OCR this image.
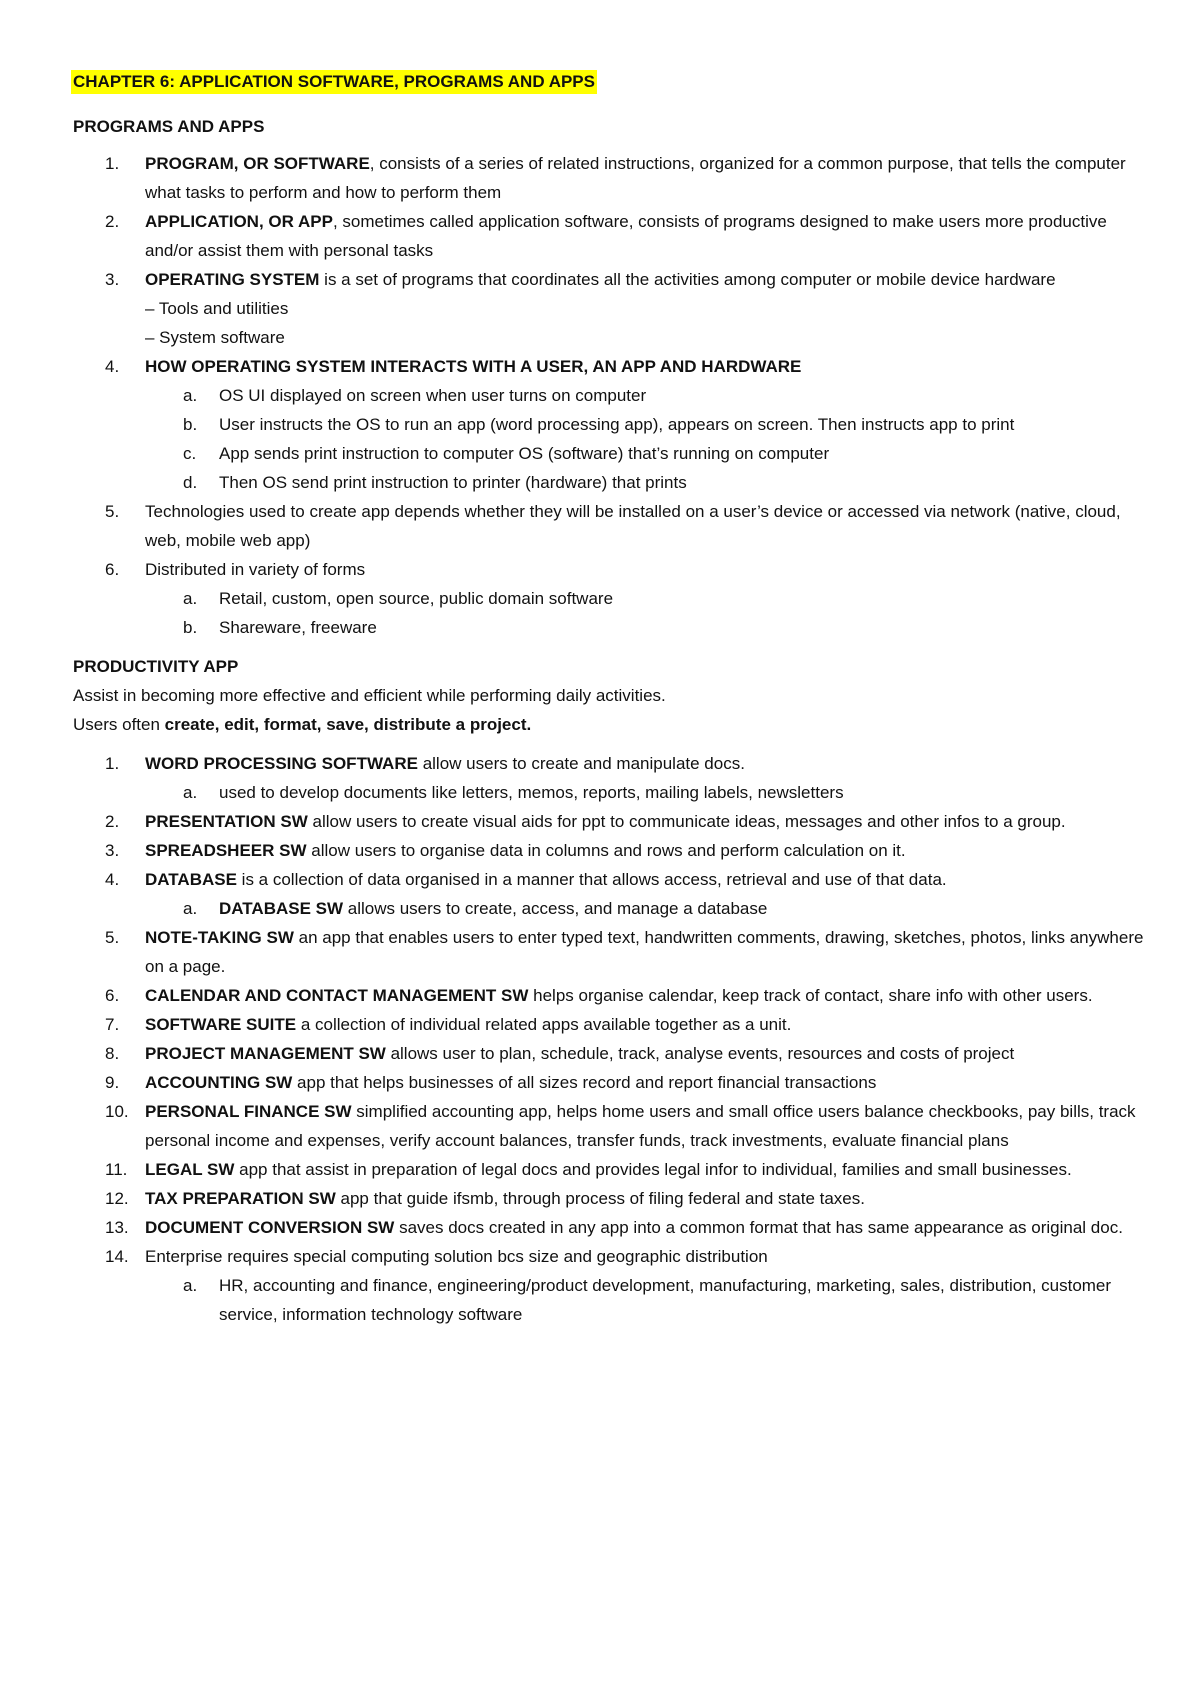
CHAPTER 6: APPLICATION SOFTWARE, PROGRAMS AND APPS
PROGRAMS AND APPS
1. PROGRAM, OR SOFTWARE, consists of a series of related instructions, organized for a common purpose, that tells the computer what tasks to perform and how to perform them
2. APPLICATION, OR APP, sometimes called application software, consists of programs designed to make users more productive and/or assist them with personal tasks
3. OPERATING SYSTEM is a set of programs that coordinates all the activities among computer or mobile device hardware
– Tools and utilities
– System software
4. HOW OPERATING SYSTEM INTERACTS WITH A USER, AN APP AND HARDWARE
a. OS UI displayed on screen when user turns on computer
b. User instructs the OS to run an app (word processing app), appears on screen. Then instructs app to print
c. App sends print instruction to computer OS (software) that’s running on computer
d. Then OS send print instruction to printer (hardware) that prints
5. Technologies used to create app depends whether they will be installed on a user’s device or accessed via network (native, cloud, web, mobile web app)
6. Distributed in variety of forms
a. Retail, custom, open source, public domain software
b. Shareware, freeware
PRODUCTIVITY APP
Assist in becoming more effective and efficient while performing daily activities.
Users often create, edit, format, save, distribute a project.
1. WORD PROCESSING SOFTWARE allow users to create and manipulate docs.
a. used to develop documents like letters, memos, reports, mailing labels, newsletters
2. PRESENTATION SW allow users to create visual aids for ppt to communicate ideas, messages and other infos to a group.
3. SPREADSHEER SW allow users to organise data in columns and rows and perform calculation on it.
4. DATABASE is a collection of data organised in a manner that allows access, retrieval and use of that data.
a. DATABASE SW allows users to create, access, and manage a database
5. NOTE-TAKING SW an app that enables users to enter typed text, handwritten comments, drawing, sketches, photos, links anywhere on a page.
6. CALENDAR AND CONTACT MANAGEMENT SW helps organise calendar, keep track of contact, share info with other users.
7. SOFTWARE SUITE a collection of individual related apps available together as a unit.
8. PROJECT MANAGEMENT SW allows user to plan, schedule, track, analyse events, resources and costs of project
9. ACCOUNTING SW app that helps businesses of all sizes record and report financial transactions
10. PERSONAL FINANCE SW simplified accounting app, helps home users and small office users balance checkbooks, pay bills, track personal income and expenses, verify account balances, transfer funds, track investments, evaluate financial plans
11. LEGAL SW app that assist in preparation of legal docs and provides legal infor to individual, families and small businesses.
12. TAX PREPARATION SW app that guide ifsmb, through process of filing federal and state taxes.
13. DOCUMENT CONVERSION SW saves docs created in any app into a common format that has same appearance as original doc.
14. Enterprise requires special computing solution bcs size and geographic distribution
a. HR, accounting and finance, engineering/product development, manufacturing, marketing, sales, distribution, customer service, information technology software
